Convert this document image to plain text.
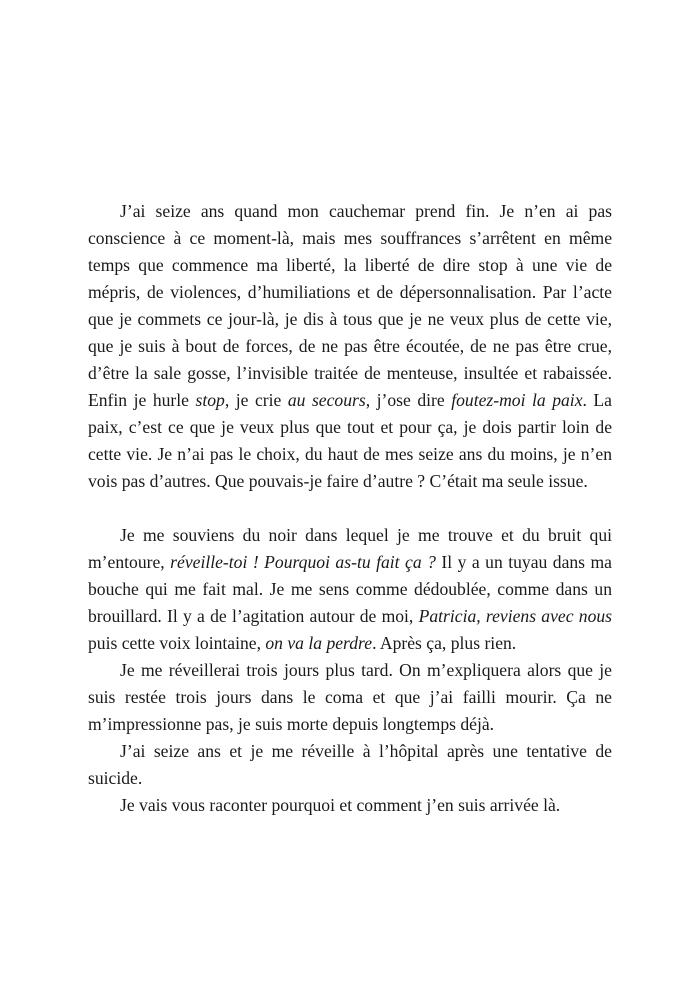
J’ai seize ans quand mon cauchemar prend fin. Je n’en ai pas conscience à ce moment-là, mais mes souffrances s’arrêtent en même temps que commence ma liberté, la liberté de dire stop à une vie de mépris, de violences, d’humiliations et de dépersonnalisation. Par l’acte que je commets ce jour-là, je dis à tous que je ne veux plus de cette vie, que je suis à bout de forces, de ne pas être écoutée, de ne pas être crue, d’être la sale gosse, l’invisible traitée de menteuse, insultée et rabaissée. Enfin je hurle stop, je crie au secours, j’ose dire foutez-moi la paix. La paix, c’est ce que je veux plus que tout et pour ça, je dois partir loin de cette vie. Je n’ai pas le choix, du haut de mes seize ans du moins, je n’en vois pas d’autres. Que pouvais-je faire d’autre ? C’était ma seule issue.

Je me souviens du noir dans lequel je me trouve et du bruit qui m’entoure, réveille-toi ! Pourquoi as-tu fait ça ? Il y a un tuyau dans ma bouche qui me fait mal. Je me sens comme dédoublée, comme dans un brouillard. Il y a de l’agitation autour de moi, Patricia, reviens avec nous puis cette voix lointaine, on va la perdre. Après ça, plus rien.

Je me réveillerai trois jours plus tard. On m’expliquera alors que je suis restée trois jours dans le coma et que j’ai failli mourir. Ça ne m’impressionne pas, je suis morte depuis longtemps déjà.

J’ai seize ans et je me réveille à l’hôpital après une tentative de suicide.

Je vais vous raconter pourquoi et comment j’en suis arrivée là.
